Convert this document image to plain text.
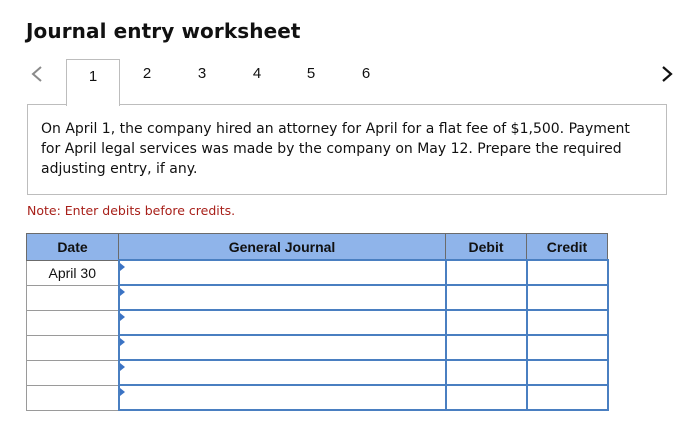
Journal entry worksheet
1	2	3	4	5	6

On April 1, the company hired an attorney for April for a flat fee of $1,500. Payment for April legal services was made by the company on May 12. Prepare the required adjusting entry, if any.

Note: Enter debits before credits.
Date	General Journal	Debit	Credit
April 30	
